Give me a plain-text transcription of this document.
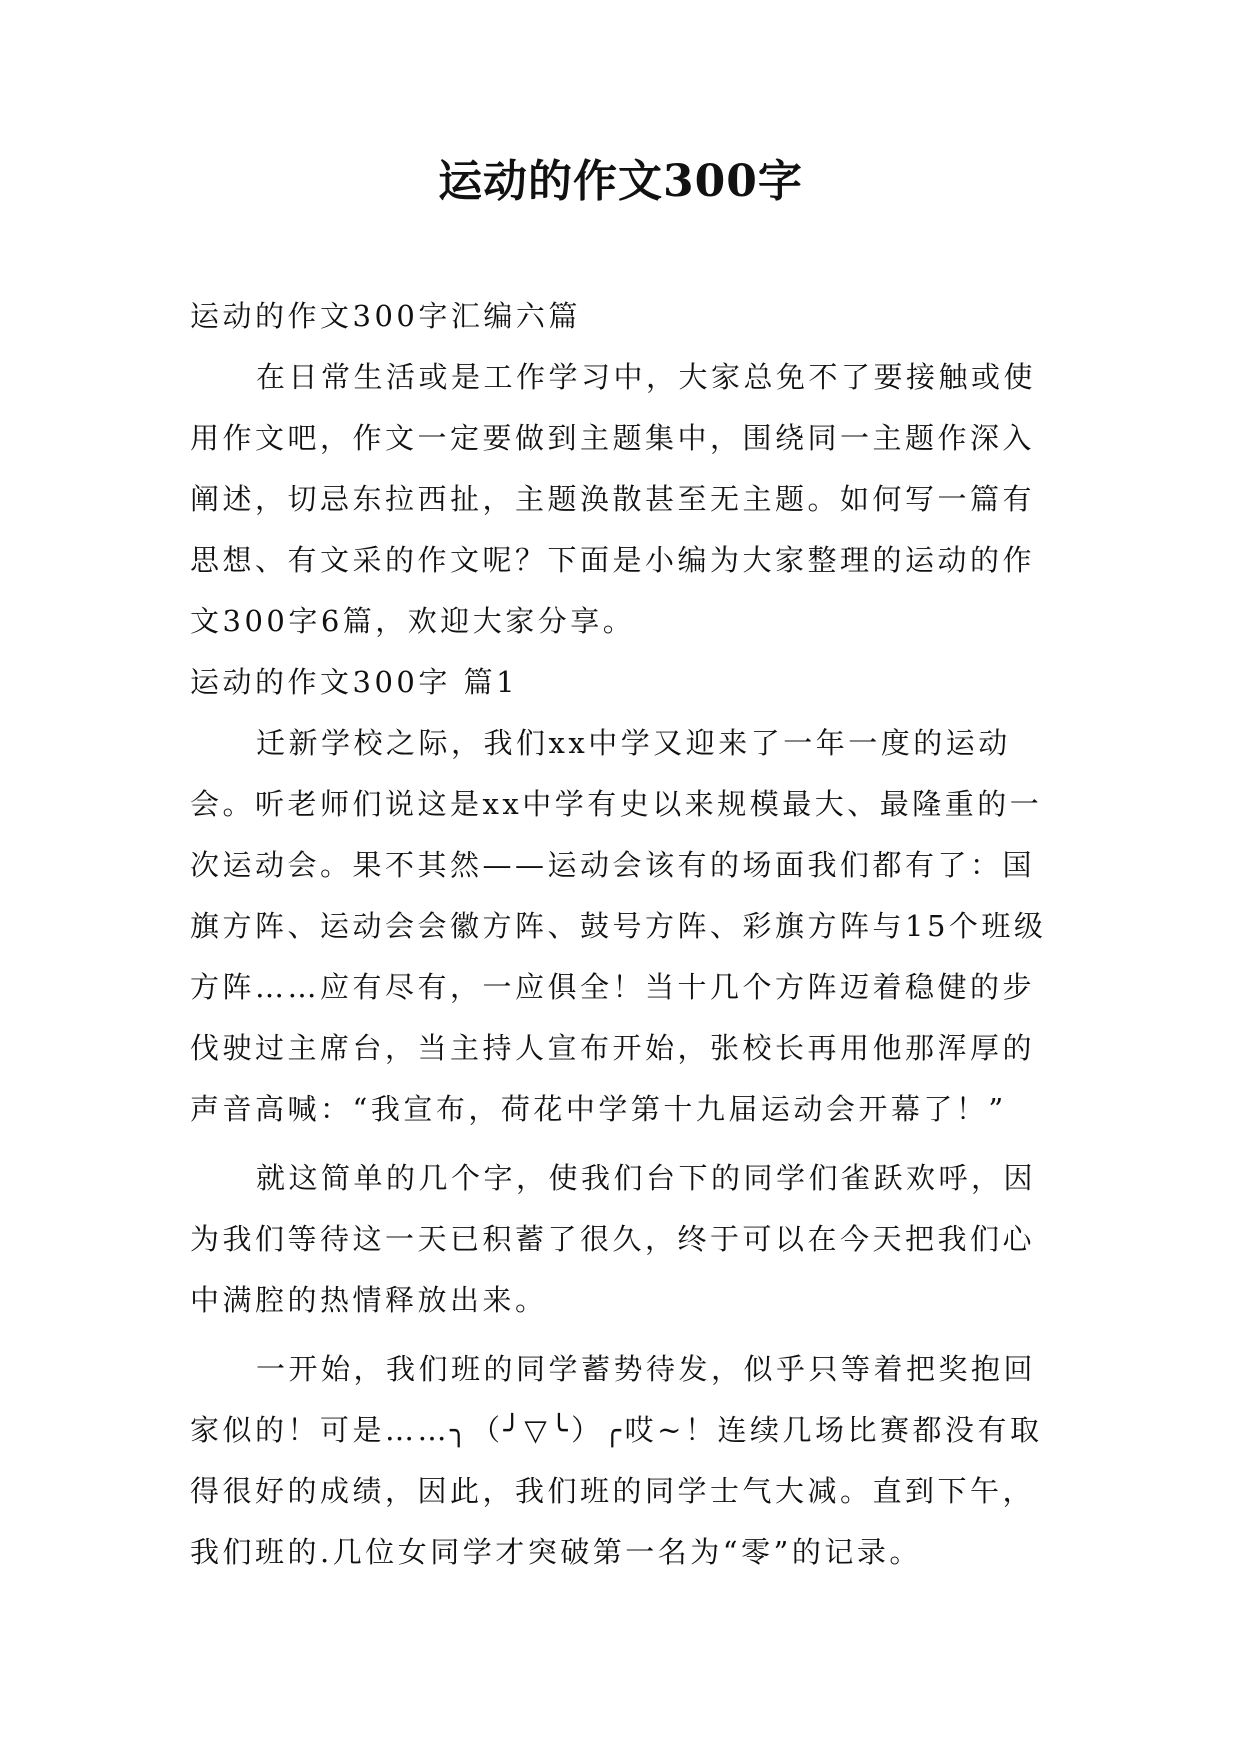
运动的作文300字

运动的作文300字汇编六篇

在日常生活或是工作学习中，大家总免不了要接触或使用作文吧，作文一定要做到主题集中，围绕同一主题作深入阐述，切忌东拉西扯，主题涣散甚至无主题。如何写一篇有思想、有文采的作文呢？下面是小编为大家整理的运动的作文300字6篇，欢迎大家分享。

运动的作文300字 篇1

迁新学校之际，我们xx中学又迎来了一年一度的运动会。听老师们说这是xx中学有史以来规模最大、最隆重的一次运动会。果不其然——运动会该有的场面我们都有了：国旗方阵、运动会会徽方阵、鼓号方阵、彩旗方阵与15个班级方阵……应有尽有，一应俱全！当十几个方阵迈着稳健的步伐驶过主席台，当主持人宣布开始，张校长再用他那浑厚的声音高喊：“我宣布，荷花中学第十九届运动会开幕了！”

就这简单的几个字，使我们台下的同学们雀跃欢呼，因为我们等待这一天已积蓄了很久，终于可以在今天把我们心中满腔的热情释放出来。

一开始，我们班的同学蓄势待发，似乎只等着把奖抱回家似的！可是……╮（╯▽╰）╭哎~！连续几场比赛都没有取得很好的成绩，因此，我们班的同学士气大减。直到下午，我们班的.几位女同学才突破第一名为“零”的记录。
